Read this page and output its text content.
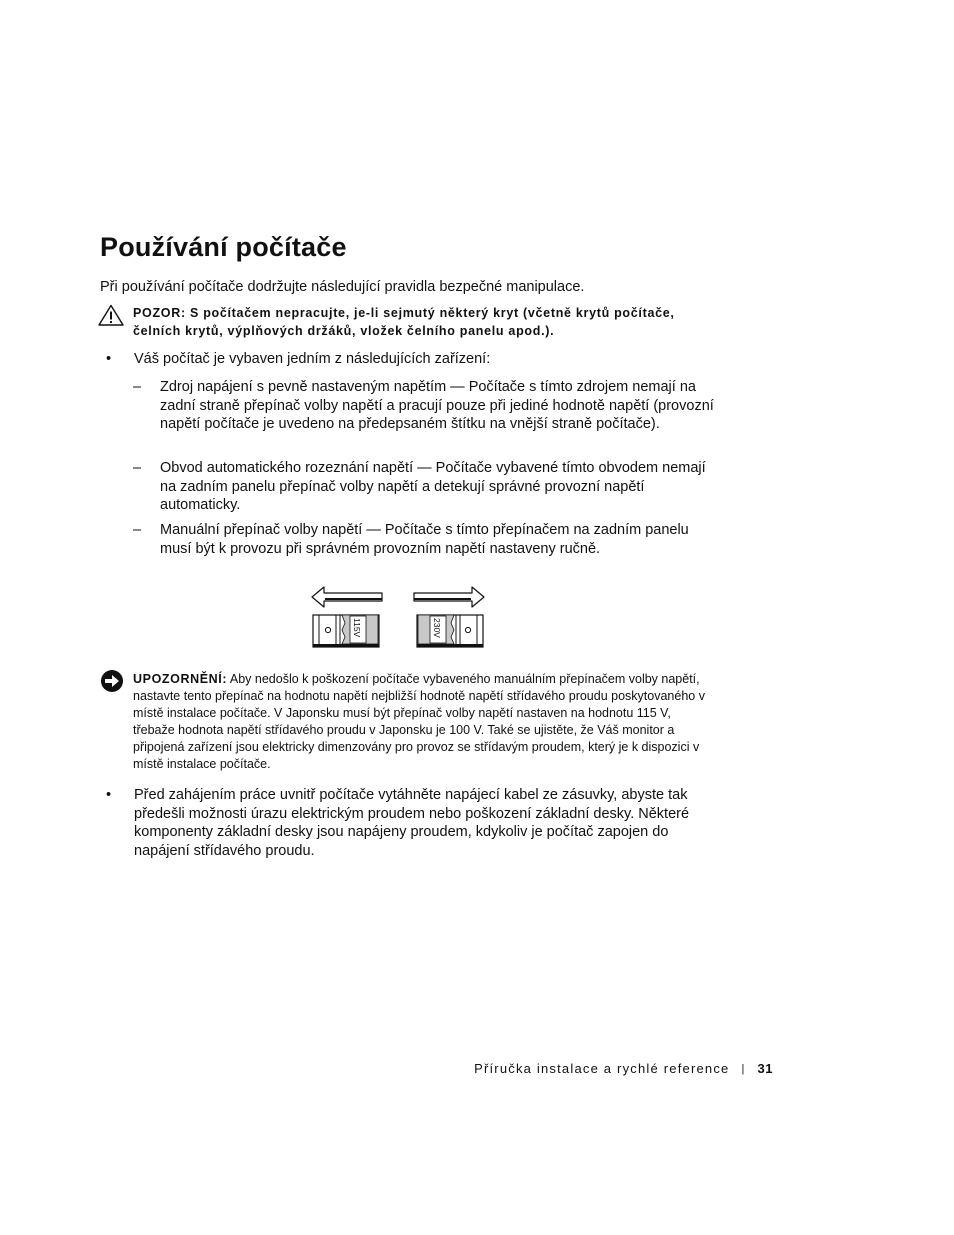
Používání počítače

Při používání počítače dodržujte následující pravidla bezpečné manipulace.

POZOR: S počítačem nepracujte, je-li sejmutý některý kryt (včetně krytů počítače, čelních krytů, výplňových držáků, vložek čelního panelu apod.).

• Váš počítač je vybaven jedním z následujících zařízení:

– Zdroj napájení s pevně nastaveným napětím — Počítače s tímto zdrojem nemají na zadní straně přepínač volby napětí a pracují pouze při jediné hodnotě napětí (provozní napětí počítače je uvedeno na předepsaném štítku na vnější straně počítače).

– Obvod automatického rozeznání napětí — Počítače vybavené tímto obvodem nemají na zadním panelu přepínač volby napětí a detekují správné provozní napětí automaticky.

– Manuální přepínač volby napětí — Počítače s tímto přepínačem na zadním panelu musí být k provozu při správném provozním napětí nastaveny ručně.

115V	230V

UPOZORNĚNÍ: Aby nedošlo k poškození počítače vybaveného manuálním přepínačem volby napětí, nastavte tento přepínač na hodnotu napětí nejbližší hodnotě napětí střídavého proudu poskytovaného v místě instalace počítače. V Japonsku musí být přepínač volby napětí nastaven na hodnotu 115 V, třebaže hodnota napětí střídavého proudu v Japonsku je 100 V. Také se ujistěte, že Váš monitor a připojená zařízení jsou elektricky dimenzovány pro provoz se střídavým proudem, který je k dispozici v místě instalace počítače.

• Před zahájením práce uvnitř počítače vytáhněte napájecí kabel ze zásuvky, abyste tak předešli možnosti úrazu elektrickým proudem nebo poškození základní desky. Některé komponenty základní desky jsou napájeny proudem, kdykoliv je počítač zapojen do napájení střídavého proudu.

Příručka instalace a rychlé reference | 31
